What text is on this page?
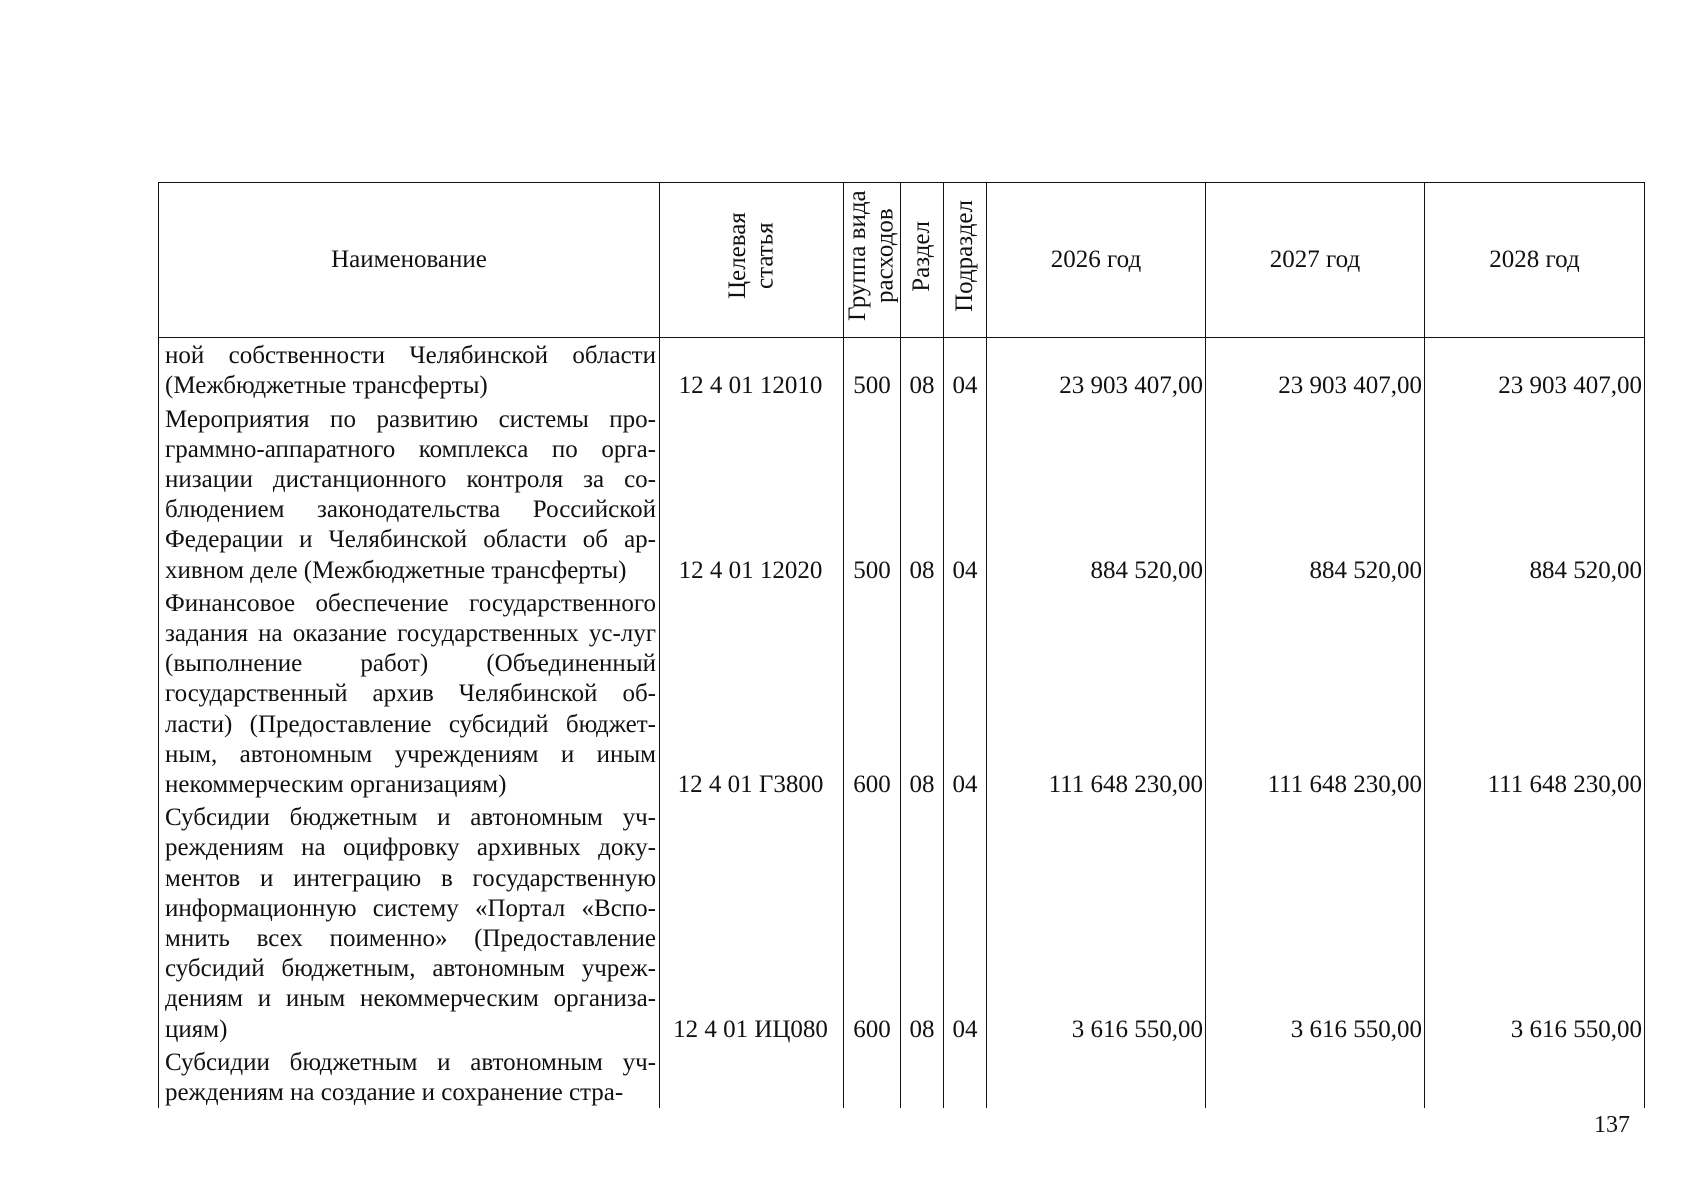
Наименование	Целевая статья	Группа вида расходов	Раздел	Подраздел	2026 год	2027 год	2028 год
ной собственности Челябинской области (Межбюджетные трансферты)	12 4 01 12010	500	08	04	23 903 407,00	23 903 407,00	23 903 407,00
Мероприятия по развитию системы про-граммно-аппаратного комплекса по орга-низации дистанционного контроля за со-блюдением законодательства Российской Федерации и Челябинской области об ар-хивном деле (Межбюджетные трансферты)	12 4 01 12020	500	08	04	884 520,00	884 520,00	884 520,00
Финансовое обеспечение государственного задания на оказание государственных ус-луг (выполнение работ) (Объединенный государственный архив Челябинской об-ласти) (Предоставление субсидий бюджет-ным, автономным учреждениям и иным некоммерческим организациям)	12 4 01 Г3800	600	08	04	111 648 230,00	111 648 230,00	111 648 230,00
Субсидии бюджетным и автономным уч-реждениям на оцифровку архивных доку-ментов и интеграцию в государственную информационную систему «Портал «Вспо-мнить всех поименно» (Предоставление субсидий бюджетным, автономным учреж-дениям и иным некоммерческим организа-циям)	12 4 01 ИЦ080	600	08	04	3 616 550,00	3 616 550,00	3 616 550,00
Субсидии бюджетным и автономным уч-реждениям на создание и сохранение стра-							
137
